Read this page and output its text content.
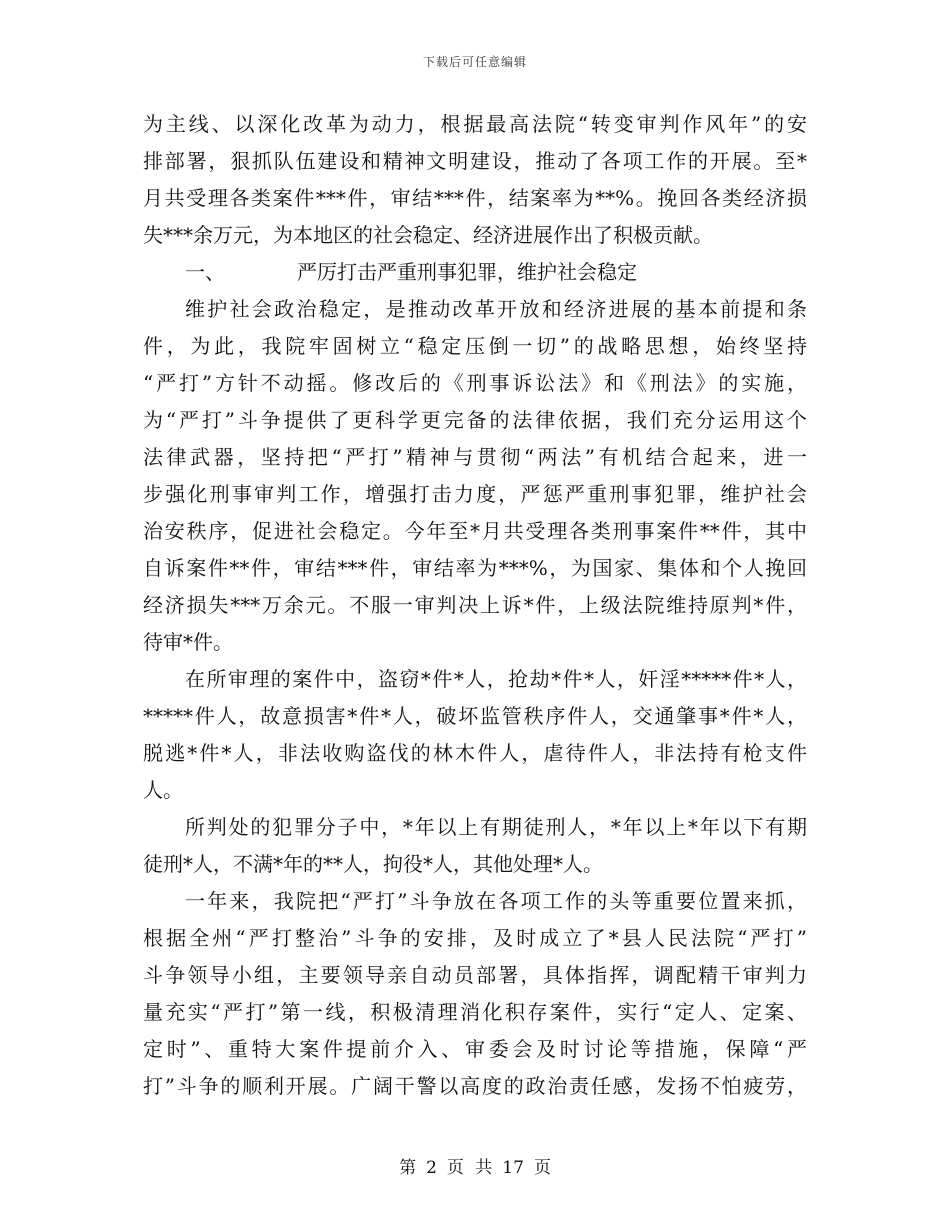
下载后可任意编辑
为主线、以深化改革为动力，根据最高法院“转变审判作风年”的安
排部署，狠抓队伍建设和精神文明建设，推动了各项工作的开展。至*
月共受理各类案件***件，审结***件，结案率为**%。挽回各类经济损
失***余万元，为本地区的社会稳定、经济进展作出了积极贡献。
一、	严厉打击严重刑事犯罪，维护社会稳定
维护社会政治稳定，是推动改革开放和经济进展的基本前提和条
件，为此，我院牢固树立“稳定压倒一切”的战略思想，始终坚持
“严打”方针不动摇。修改后的《刑事诉讼法》和《刑法》的实施，
为“严打”斗争提供了更科学更完备的法律依据，我们充分运用这个
法律武器，坚持把“严打”精神与贯彻“两法”有机结合起来，进一
步强化刑事审判工作，增强打击力度，严惩严重刑事犯罪，维护社会
治安秩序，促进社会稳定。今年至*月共受理各类刑事案件**件，其中
自诉案件**件，审结***件，审结率为***%，为国家、集体和个人挽回
经济损失***万余元。不服一审判决上诉*件，上级法院维持原判*件，
待审*件。
在所审理的案件中，盗窃*件*人，抢劫*件*人，奸淫*****件*人，
*****件人，故意损害*件*人，破坏监管秩序件人，交通肇事*件*人，
脱逃*件*人，非法收购盗伐的林木件人，虐待件人，非法持有枪支件
人。
所判处的犯罪分子中，*年以上有期徒刑人，*年以上*年以下有期
徒刑*人，不满*年的**人，拘役*人，其他处理*人。
一年来，我院把“严打”斗争放在各项工作的头等重要位置来抓，
根据全州“严打整治”斗争的安排，及时成立了*县人民法院“严打”
斗争领导小组，主要领导亲自动员部署，具体指挥，调配精干审判力
量充实“严打”第一线，积极清理消化积存案件，实行“定人、定案、
定时”、重特大案件提前介入、审委会及时讨论等措施，保障“严
打”斗争的顺利开展。广阔干警以高度的政治责任感，发扬不怕疲劳，
第 2 页 共 17 页
